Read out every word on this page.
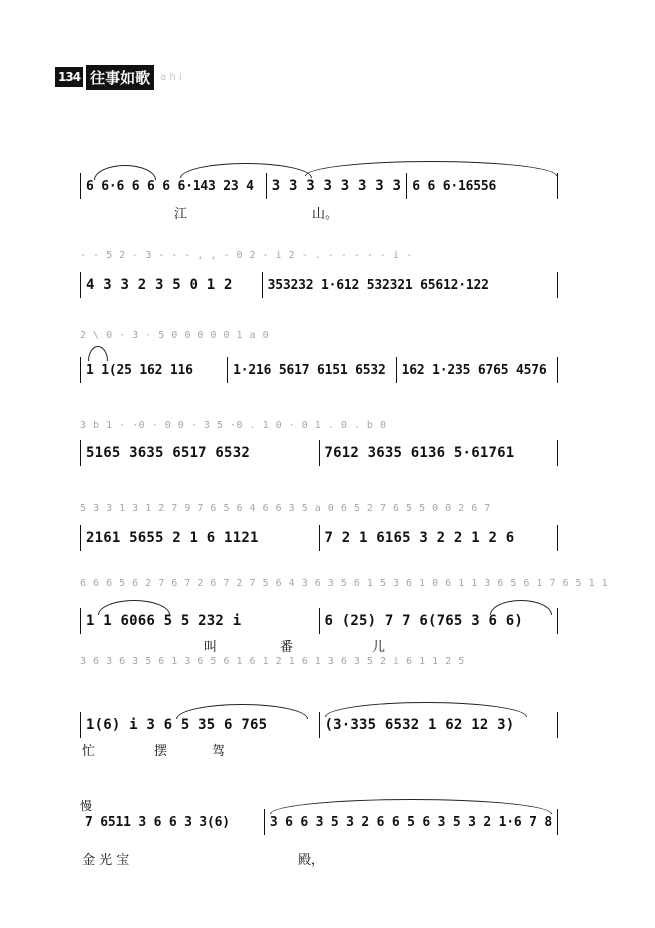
134 往事如歌	a h i
6 6·6 6 6 6 6·143 23 4	3 3 3 3 3 3 3 3 6 6 6·16556
江	山。
- - 5 2 - 3 - - - , , - 0 2 - i 2 - . - - - - - i -
4 3 3 2 3 5 0 1 2	353232 1·612 532321 65612·122
2 \ 0 · 3 · 5 0 0 0 0 0 1 a 0
1 1(25 162 116	1·216 5617 6151 6532	162 1·235 6765 4576
3 b 1 · ·0 · 0 0 · 3 5 ·0 . 1 0 · 0 1 . 0 . b 0
5165 3635 6517 6532	7612 3635 6136 5·61761
5 3 3 1 3 1 2 7 9 7 6 5 6 4 6 6 3 5 a 0 6 5 2 7 6 5 5 0 0 2 6 7
2161 5655 2 1 6 1121	7 2 1 6165 3 2 2 1 2 6
6 6 6 5 6 2 7 6 7 2 6 7 2 7 5 6 4 3 6 3 5 6 1 5 3 6 1 0 6 1 1 3 6 5 6 1 7 6 5 1 1
1 1 6066 5 5 232 i	6 (25) 7 7 6(765 3 6 6)
叫	番	儿
3 6 3 6 3 5 6 1 3 6 5 6 1 6 1 2 1 6 1 3 6 3 5 2 i 6 1 1 2 5
1(6) i 3 6 5 35 6 765	(3·335 6532 1 62 12 3)
忙	摆	驾
慢
7 6511 3 6 6 3 3(6)	3 6 6 3 5 3 2 6 6 5 6 3 5 3 2 1·6 7 8
金 光 宝	殿，
